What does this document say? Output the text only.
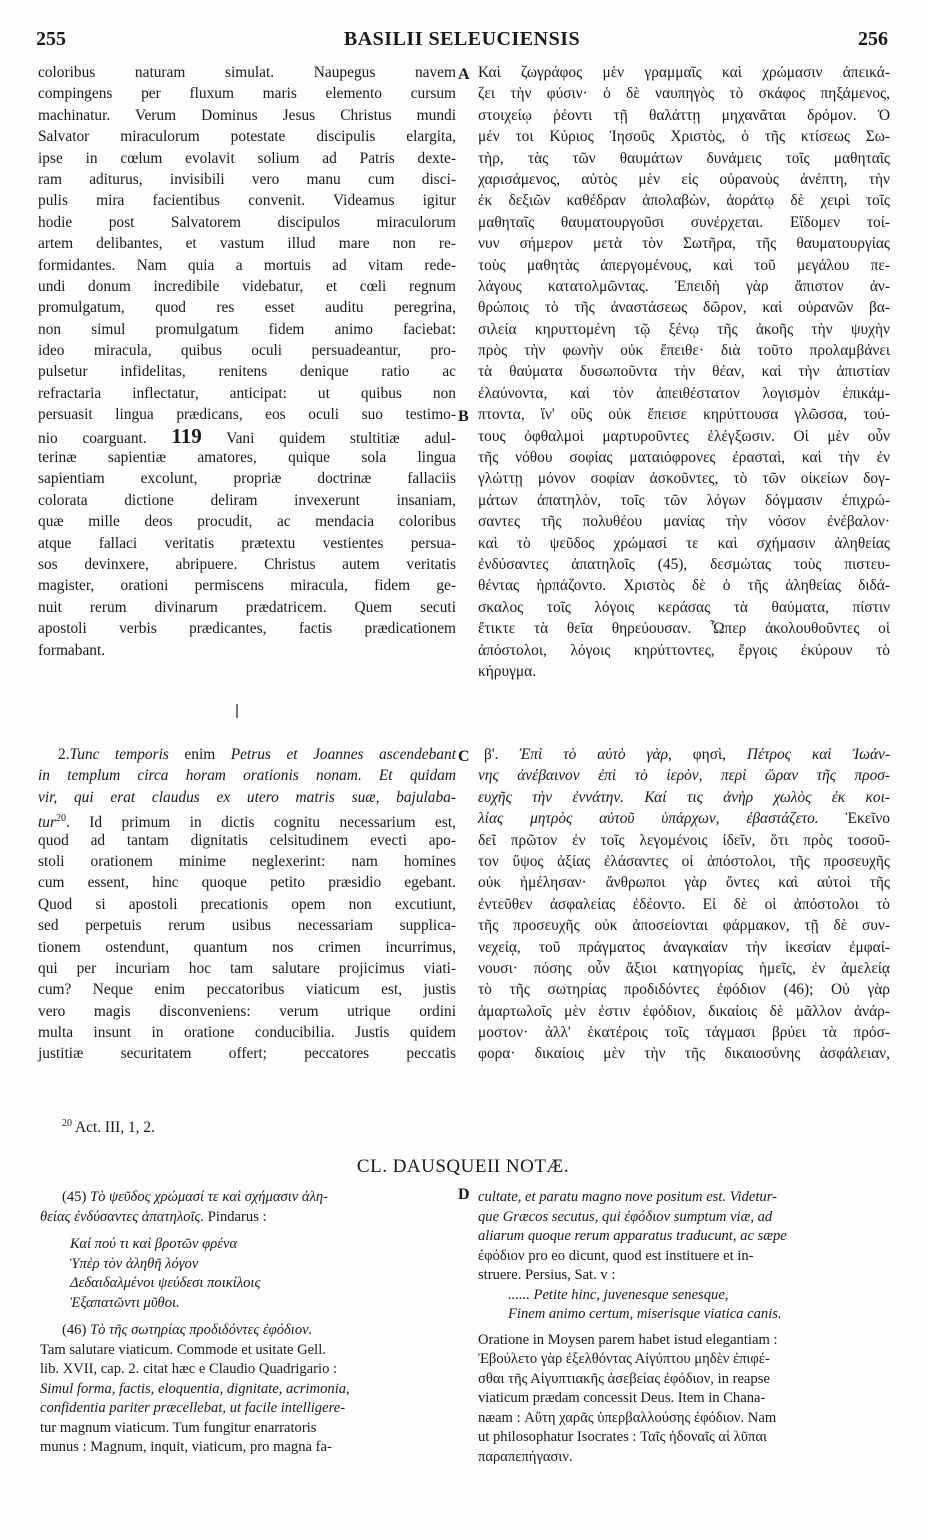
255	BASILII SELEUCIENSIS	256
coloribus naturam simulat. Naupegus navem
compingens per fluxum maris elemento cursum
machinatur. Verum Dominus Jesus Christus mundi
Salvator miraculorum potestate discipulis elargita,
ipse in cœlum evolavit solium ad Patris dexte-
ram aditurus, invisibili vero manu cum disci-
pulis mira facientibus convenit. Videamus igitur
hodie post Salvatorem discipulos miraculorum
artem delibantes, et vastum illud mare non re-
formidantes. Nam quia a mortuis ad vitam rede-
undi donum incredibile videbatur, et cœli regnum
promulgatum, quod res esset auditu peregrina,
non simul promulgatum fidem animo faciebat:
ideo miracula, quibus oculi persuadeantur, pro-
pulsetur infidelitas, renitens denique ratio ac
refractaria inflectatur, anticipat: ut quibus non
persuasit lingua prædicans, eos oculi suo testimo-
nio coarguant. 119 Vani quidem stultitiæ adul-
terinæ sapientiæ amatores, quique sola lingua
sapientiam excolunt, propriæ doctrinæ fallaciis
colorata dictione deliram invexerunt insaniam,
quæ mille deos procudit, ac mendacia coloribus
atque fallaci veritatis prætextu vestientes persua-
sos devinxere, abripuere. Christus autem veritatis
magister, orationi permiscens miracula, fidem ge-
nuit rerum divinarum prædatricem. Quem secuti
apostoli verbis prædicantes, factis prædicationem
formabant.
2.Tunc temporis enim Petrus et Joannes ascendebant
in templum circa horam orationis nonam. Et quidam
vir, qui erat claudus ex utero matris suæ, bajulaba-
tur$^{20}$. Id primum in dictis cognitu necessarium est,
quod ad tantam dignitatis celsitudinem evecti apo-
stoli orationem minime neglexerint: nam homines
cum essent, hinc quoque petito præsidio egebant.
Quod si apostoli precationis opem non excutiunt,
sed perpetuis rerum usibus necessariam supplica-
tionem ostendunt, quantum nos crimen incurrimus,
qui per incuriam hoc tam salutare projicimus viati-
cum? Neque enim peccatoribus viaticum est, justis
vero magis disconveniens: verum utrique ordini
multa insunt in oratione conducibilia. Justis quidem
justitiæ securitatem offert; peccatores peccatis
A
B
C
D
Καὶ ζωγράφος μὲν γραμμαῖς καὶ χρώμασιν ἀπεικά-
ζει τὴν φύσιν· ὁ δὲ ναυπηγὸς τὸ σκάφος πηξάμενος,
στοιχείῳ ῥέοντι τῇ θαλάττῃ μηχανᾶται δρόμον. Ὁ
μέν τοι Κύριος Ἰησοῦς Χριστὸς, ὁ τῆς κτίσεως Σω-
τὴρ, τὰς τῶν θαυμάτων δυνάμεις τοῖς μαθηταῖς
χαρισάμενος, αὐτὸς μὲν εἰς οὐρανοὺς ἀνέπτη, τὴν
ἐκ δεξιῶν καθέδραν ἀπολαβὼν, ἀοράτῳ δὲ χειρὶ τοῖς
μαθηταῖς θαυματουργοῦσι συνέρχεται. Εἴδομεν τοί-
νυν σήμερον μετὰ τὸν Σωτῆρα, τῆς θαυματουργίας
τοὺς μαθητὰς ἀπεργομένους, καὶ τοῦ μεγάλου πε-
λάγους κατατολμῶντας. Ἐπειδὴ γὰρ ἄπιστον ἀν-
θρώποις τὸ τῆς ἀναστάσεως δῶρον, καὶ οὐρανῶν βα-
σιλεία κηρυττομένη τῷ ξένῳ τῆς ἀκοῆς τὴν ψυχὴν
πρὸς τὴν φωνὴν οὐκ ἔπειθε· διὰ τοῦτο προλαμβάνει
τὰ θαύματα δυσωποῦντα τὴν θέαν, καὶ τὴν ἀπιστίαν
ἐλαύνοντα, καὶ τὸν ἀπειθέστατον λογισμὸν ἐπικάμ-
πτοντα, ἵν' οὓς οὐκ ἔπεισε κηρύττουσα γλῶσσα, τού-
τους ὀφθαλμοὶ μαρτυροῦντες ἐλέγξωσιν. Οἱ μὲν οὖν
τῆς νόθου σοφίας ματαιόφρονες ἐρασταὶ, καὶ τὴν ἐν
γλώττῃ μόνον σοφίαν ἀσκοῦντες, τὸ τῶν οἰκείων δογ-
μάτων ἀπατηλὸν, τοῖς τῶν λόγων δόγμασιν ἐπιχρώ-
σαντες τῆς πολυθέου μανίας τὴν νόσον ἐνέβαλον·
καὶ τὸ ψεῦδος χρώμασί τε καὶ σχήμασιν ἀληθείας
ἐνδύσαντες ἀπατηλοῖς (45), δεσμώτας τοὺς πιστευ-
θέντας ἡρπάζοντο. Χριστὸς δὲ ὁ τῆς ἀληθείας διδά-
σκαλος τοῖς λόγοις κεράσας τὰ θαύματα, πίστιν
ἔτικτε τὰ θεῖα θηρεύουσαν. Ὧπερ ἀκολουθοῦντες οἱ
ἀπόστολοι, λόγοις κηρύττοντες, ἔργοις ἐκύρουν τὸ
κήρυγμα.
β'. Ἐπὶ τὸ αὐτὸ γὰρ, φησὶ, Πέτρος καὶ Ἰωάν-
νης ἀνέβαινον ἐπὶ τὸ ἱερὸν, περὶ ὥραν τῆς προσ-
ευχῆς τὴν ἐννάτην. Καί τις ἀνὴρ χωλὸς ἐκ κοι-
λίας μητρὸς αὐτοῦ ὑπάρχων, ἐβαστάζετο. Ἐκεῖνο
δεῖ πρῶτον ἐν τοῖς λεγομένοις ἰδεῖν, ὅτι πρὸς τοσοῦ-
τον ὕψος ἀξίας ἐλάσαντες οἱ ἀπόστολοι, τῆς προσευχῆς
οὐκ ἠμέλησαν· ἄνθρωποι γὰρ ὄντες καὶ αὐτοὶ τῆς
ἐντεῦθεν ἀσφαλείας ἐδέοντο. Εἰ δὲ οἱ ἀπόστολοι τὸ
τῆς προσευχῆς οὐκ ἀποσείονται φάρμακον, τῇ δὲ συν-
νεχείᾳ, τοῦ πράγματος ἀναγκαίαν τὴν ἱκεσίαν ἐμφαί-
νουσι· πόσης οὖν ἄξιοι κατηγορίας ἡμεῖς, ἐν ἀμελείᾳ
τὸ τῆς σωτηρίας προδιδόντες ἐφόδιον (46); Οὐ γὰρ
ἁμαρτωλοῖς μὲν ἐστιν ἐφόδιον, δικαίοις δὲ μᾶλλον ἀνάρ-
μοστον· ἀλλ' ἑκατέροις τοῖς τάγμασι βρύει τὰ πρόσ-
φορα· δικαίοις μὲν τὴν τῆς δικαιοσύνης ἀσφάλειαν,
$^{20}$ Act. III, 1, 2.
CL. DAUSQUEII NOTÆ.
(45) Τὸ ψεῦδος χρώμασί τε καὶ σχήμασιν ἀλη-
θείας ἐνδύσαντες ἀπατηλοῖς. Pindarus :
Καί πού τι καὶ βροτῶν φρένα
Ὑπὲρ τὸν ἀληθῆ λόγον
Δεδαιδαλμένοι ψεύδεσι ποικίλοις
Ἐξαπατῶντι μῦθοι.
(46) Τὸ τῆς σωτηρίας προδιδόντες ἐφόδιον.
Tam salutare viaticum. Commode et usitate Gell.
lib. XVII, cap. 2. citat hæc e Claudio Quadrigario :
Simul forma, factis, eloquentia, dignitate, acrimonia,
confidentia pariter præcellebat, ut facile intelligere-
tur magnum viaticum. Tum fungitur enarratoris
munus : Magnum, inquit, viaticum, pro magna fa-
cultate, et paratu magno nove positum est. Videtur-
que Græcos secutus, qui ἐφόδιον sumptum viæ, ad
aliarum quoque rerum apparatus traducunt, ac sæpe
ἐφόδιον pro eo dicunt, quod est instituere et in-
struere. Persius, Sat. v :
...... Petite hinc, juvenesque senesque,
Finem animo certum, miserisque viatica canis.
Oratione in Moysen parem habet istud elegantiam :
Ἐβούλετο γὰρ ἐξελθόντας Αἰγύπτου μηδὲν ἐπιφέ-
σθαι τῆς Αἰγυπτιακῆς ἀσεβείας ἐφόδιον, in reapse
viaticum prædam concessit Deus. Item in Chana-
næam : Αὕτη χαρᾶς ὑπερβαλλούσης ἐφόδιον. Nam
ut philosophatur Isocrates : Ταῖς ἡδοναῖς αἱ λῦπαι
παραπεπήγασιν.
